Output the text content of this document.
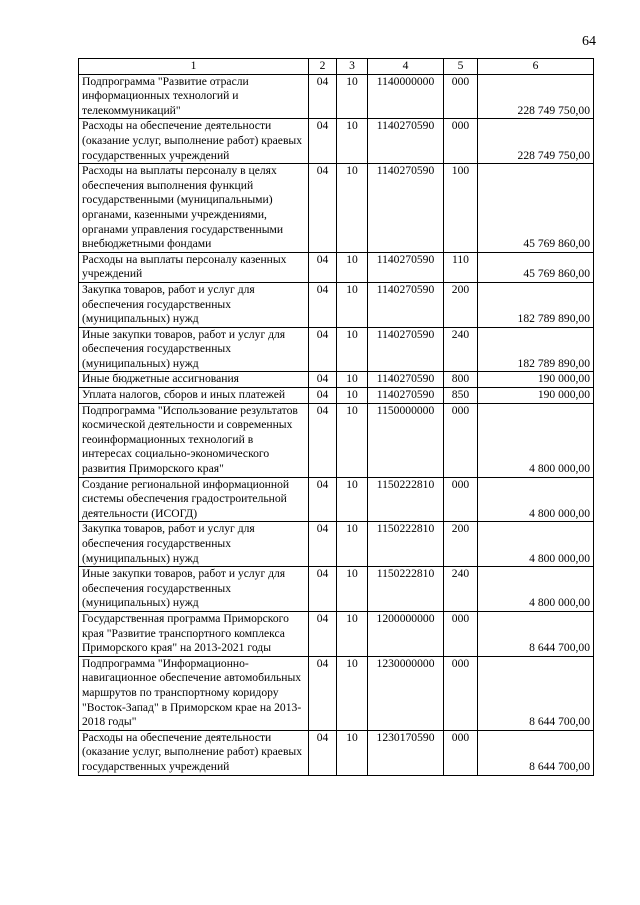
64
1	2	3	4	5	6
Подпрограмма "Развитие отрасли информационных технологий и телекоммуникаций"	04	10	1140000000	000	228 749 750,00
Расходы на обеспечение деятельности (оказание услуг, выполнение работ) краевых государственных учреждений	04	10	1140270590	000	228 749 750,00
Расходы на выплаты персоналу в целях обеспечения выполнения функций государственными (муниципальными) органами, казенными учреждениями, органами управления государственными внебюджетными фондами	04	10	1140270590	100	45 769 860,00
Расходы на выплаты персоналу казенных учреждений	04	10	1140270590	110	45 769 860,00
Закупка товаров, работ и услуг для обеспечения государственных (муниципальных) нужд	04	10	1140270590	200	182 789 890,00
Иные закупки товаров, работ и услуг для обеспечения государственных (муниципальных) нужд	04	10	1140270590	240	182 789 890,00
Иные бюджетные ассигнования	04	10	1140270590	800	190 000,00
Уплата налогов, сборов и иных платежей	04	10	1140270590	850	190 000,00
Подпрограмма "Использование результатов космической деятельности и современных геоинформационных технологий в интересах социально-экономического развития Приморского края"	04	10	1150000000	000	4 800 000,00
Создание региональной информационной системы обеспечения градостроительной деятельности (ИСОГД)	04	10	1150222810	000	4 800 000,00
Закупка товаров, работ и услуг для обеспечения государственных (муниципальных) нужд	04	10	1150222810	200	4 800 000,00
Иные закупки товаров, работ и услуг для обеспечения государственных (муниципальных) нужд	04	10	1150222810	240	4 800 000,00
Государственная программа Приморского края "Развитие транспортного комплекса Приморского края" на 2013-2021 годы	04	10	1200000000	000	8 644 700,00
Подпрограмма "Информационно-навигационное обеспечение автомобильных маршрутов по транспортному коридору "Восток-Запад" в Приморском крае на 2013-2018 годы"	04	10	1230000000	000	8 644 700,00
Расходы на обеспечение деятельности (оказание услуг, выполнение работ) краевых государственных учреждений	04	10	1230170590	000	8 644 700,00
